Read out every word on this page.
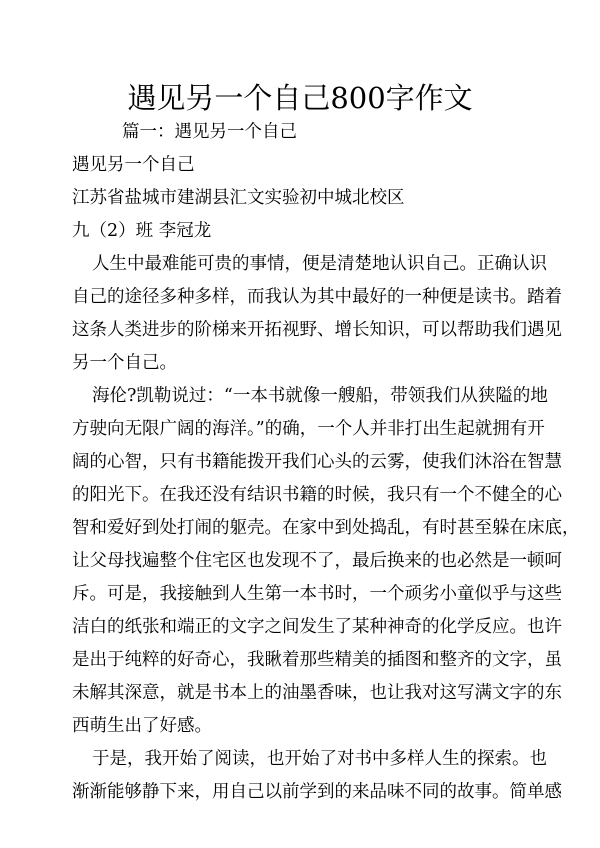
遇见另一个自己800字作文
篇一：遇见另一个自己
遇见另一个自己
江苏省盐城市建湖县汇文实验初中城北校区
九（2）班 李冠龙
人生中最难能可贵的事情，便是清楚地认识自己。正确认识
自己的途径多种多样，而我认为其中最好的一种便是读书。踏着
这条人类进步的阶梯来开拓视野、增长知识，可以帮助我们遇见
另一个自己。
海伦?凯勒说过：“一本书就像一艘船，带领我们从狭隘的地
方驶向无限广阔的海洋。”的确，一个人并非打出生起就拥有开
阔的心智，只有书籍能拨开我们心头的云雾，使我们沐浴在智慧
的阳光下。在我还没有结识书籍的时候，我只有一个不健全的心
智和爱好到处打闹的躯壳。在家中到处捣乱，有时甚至躲在床底，
让父母找遍整个住宅区也发现不了，最后换来的也必然是一顿呵
斥。可是，我接触到人生第一本书时，一个顽劣小童似乎与这些
洁白的纸张和端正的文字之间发生了某种神奇的化学反应。也许
是出于纯粹的好奇心，我瞅着那些精美的插图和整齐的文字，虽
未解其深意，就是书本上的油墨香味，也让我对这写满文字的东
西萌生出了好感。
于是，我开始了阅读，也开始了对书中多样人生的探索。也
渐渐能够静下来，用自己以前学到的来品味不同的故事。简单感
